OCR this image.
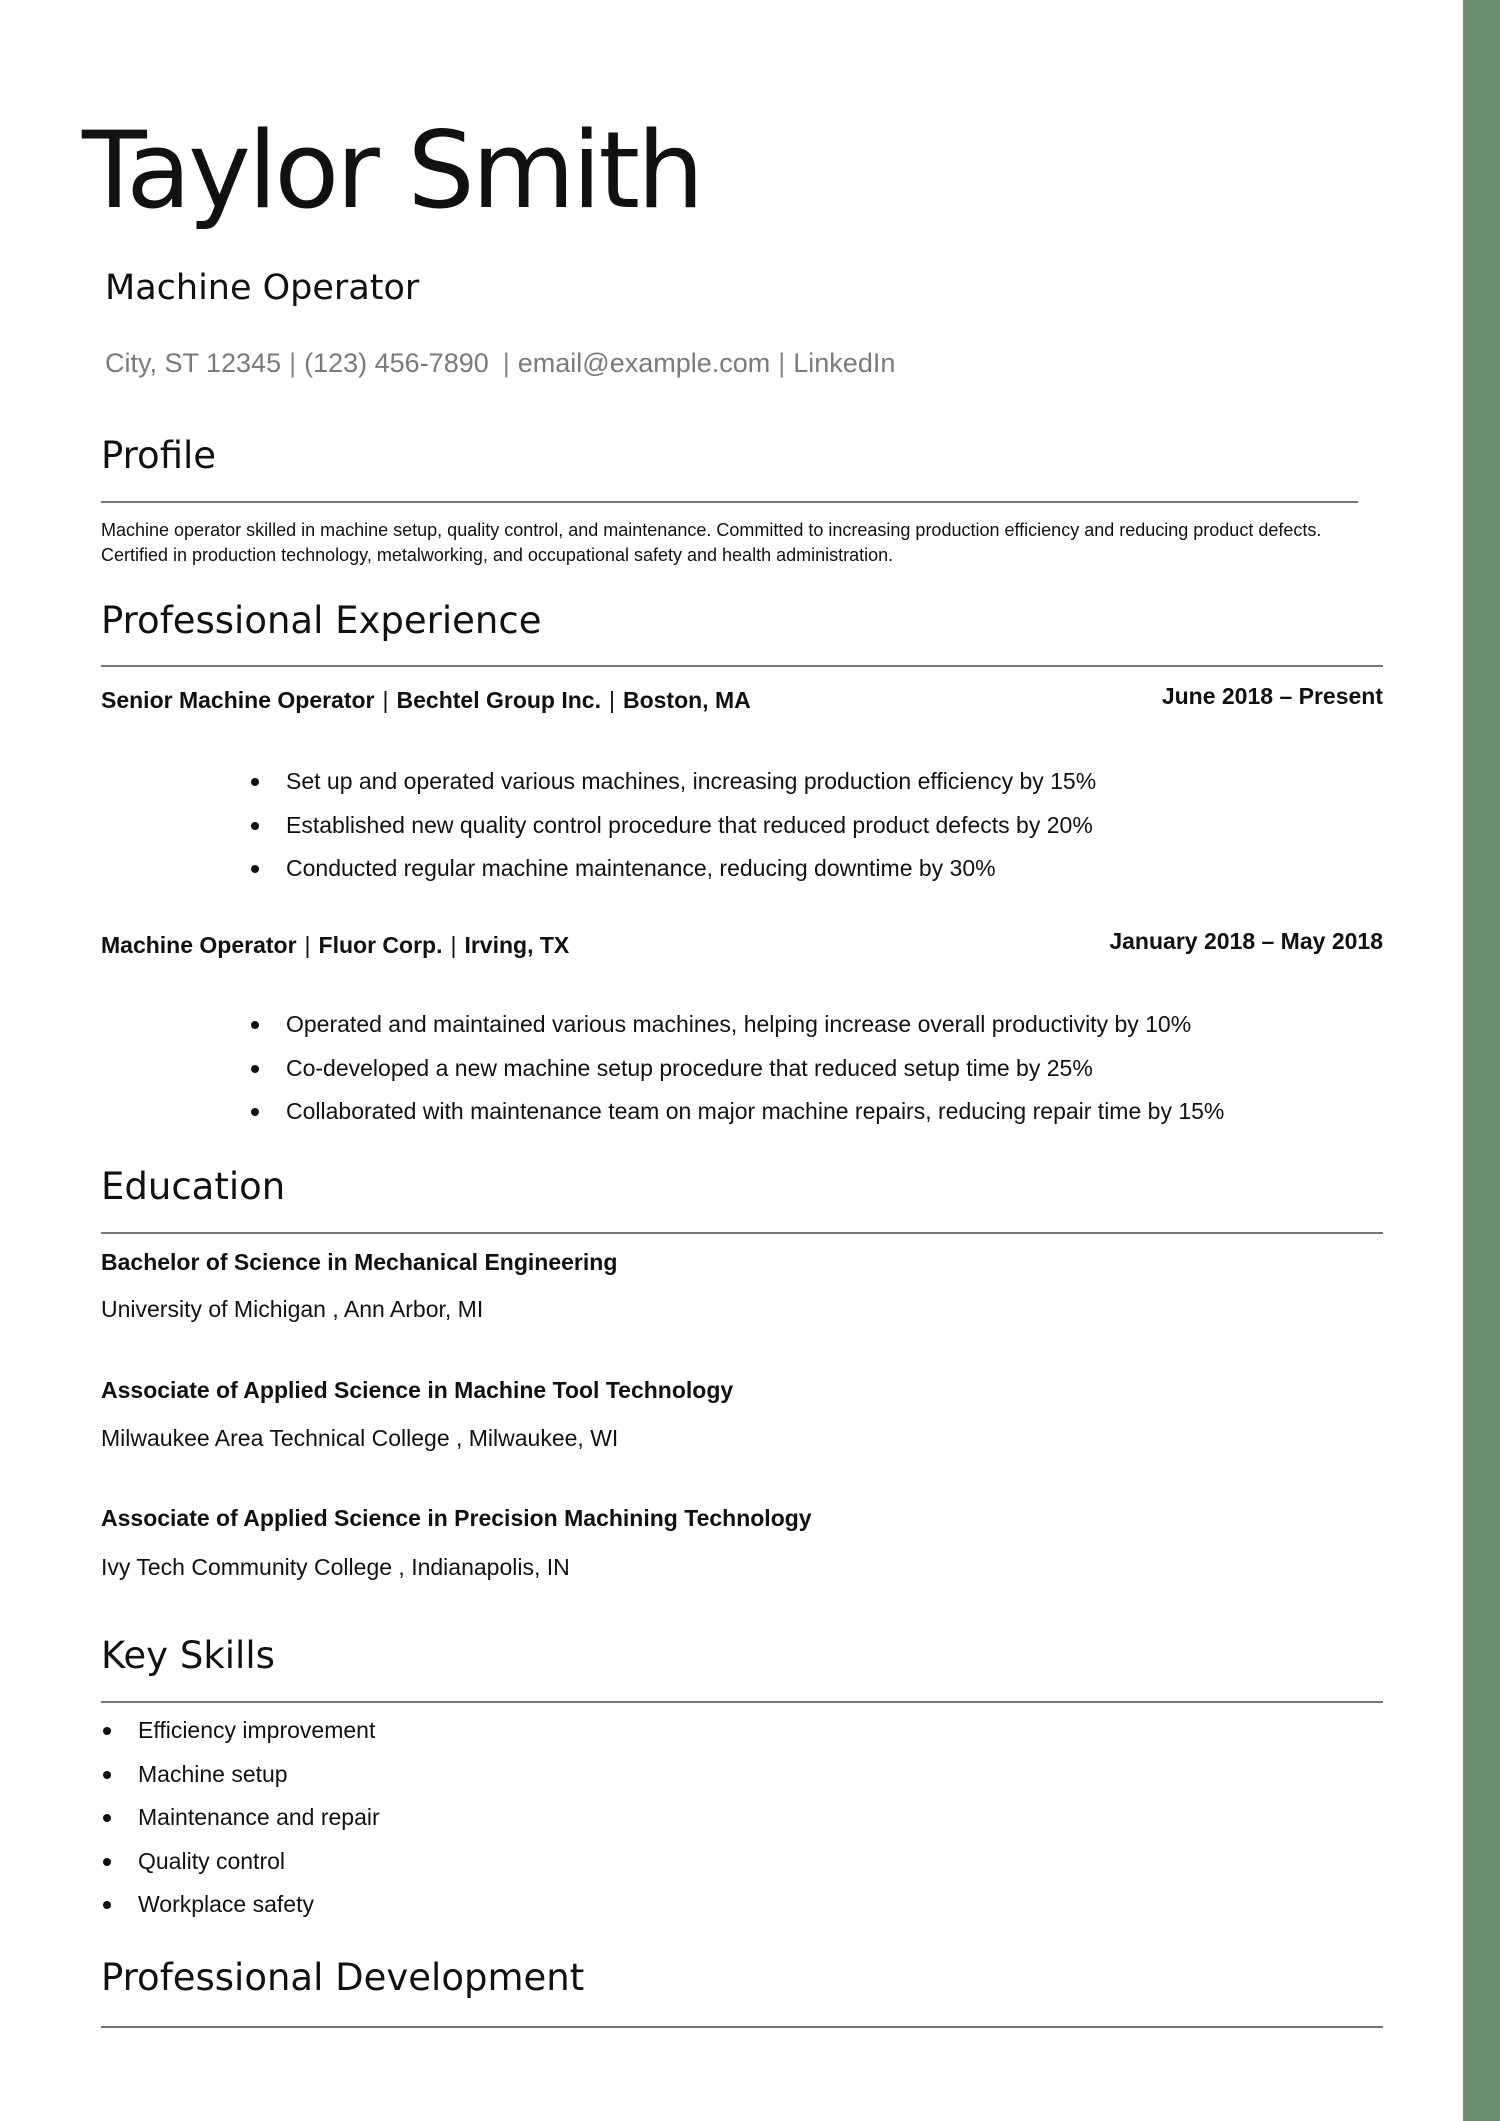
Taylor Smith
Machine Operator
City, ST 12345 | (123) 456-7890 | email@example.com | LinkedIn
Profile
Machine operator skilled in machine setup, quality control, and maintenance. Committed to increasing production efficiency and reducing product defects. Certified in production technology, metalworking, and occupational safety and health administration.
Professional Experience
Senior Machine Operator | Bechtel Group Inc. | Boston, MA	June 2018 – Present
Set up and operated various machines, increasing production efficiency by 15%
Established new quality control procedure that reduced product defects by 20%
Conducted regular machine maintenance, reducing downtime by 30%
Machine Operator | Fluor Corp. | Irving, TX	January 2018 – May 2018
Operated and maintained various machines, helping increase overall productivity by 10%
Co-developed a new machine setup procedure that reduced setup time by 25%
Collaborated with maintenance team on major machine repairs, reducing repair time by 15%
Education
Bachelor of Science in Mechanical Engineering
University of Michigan , Ann Arbor, MI
Associate of Applied Science in Machine Tool Technology
Milwaukee Area Technical College , Milwaukee, WI
Associate of Applied Science in Precision Machining Technology
Ivy Tech Community College , Indianapolis, IN
Key Skills
Efficiency improvement
Machine setup
Maintenance and repair
Quality control
Workplace safety
Professional Development
